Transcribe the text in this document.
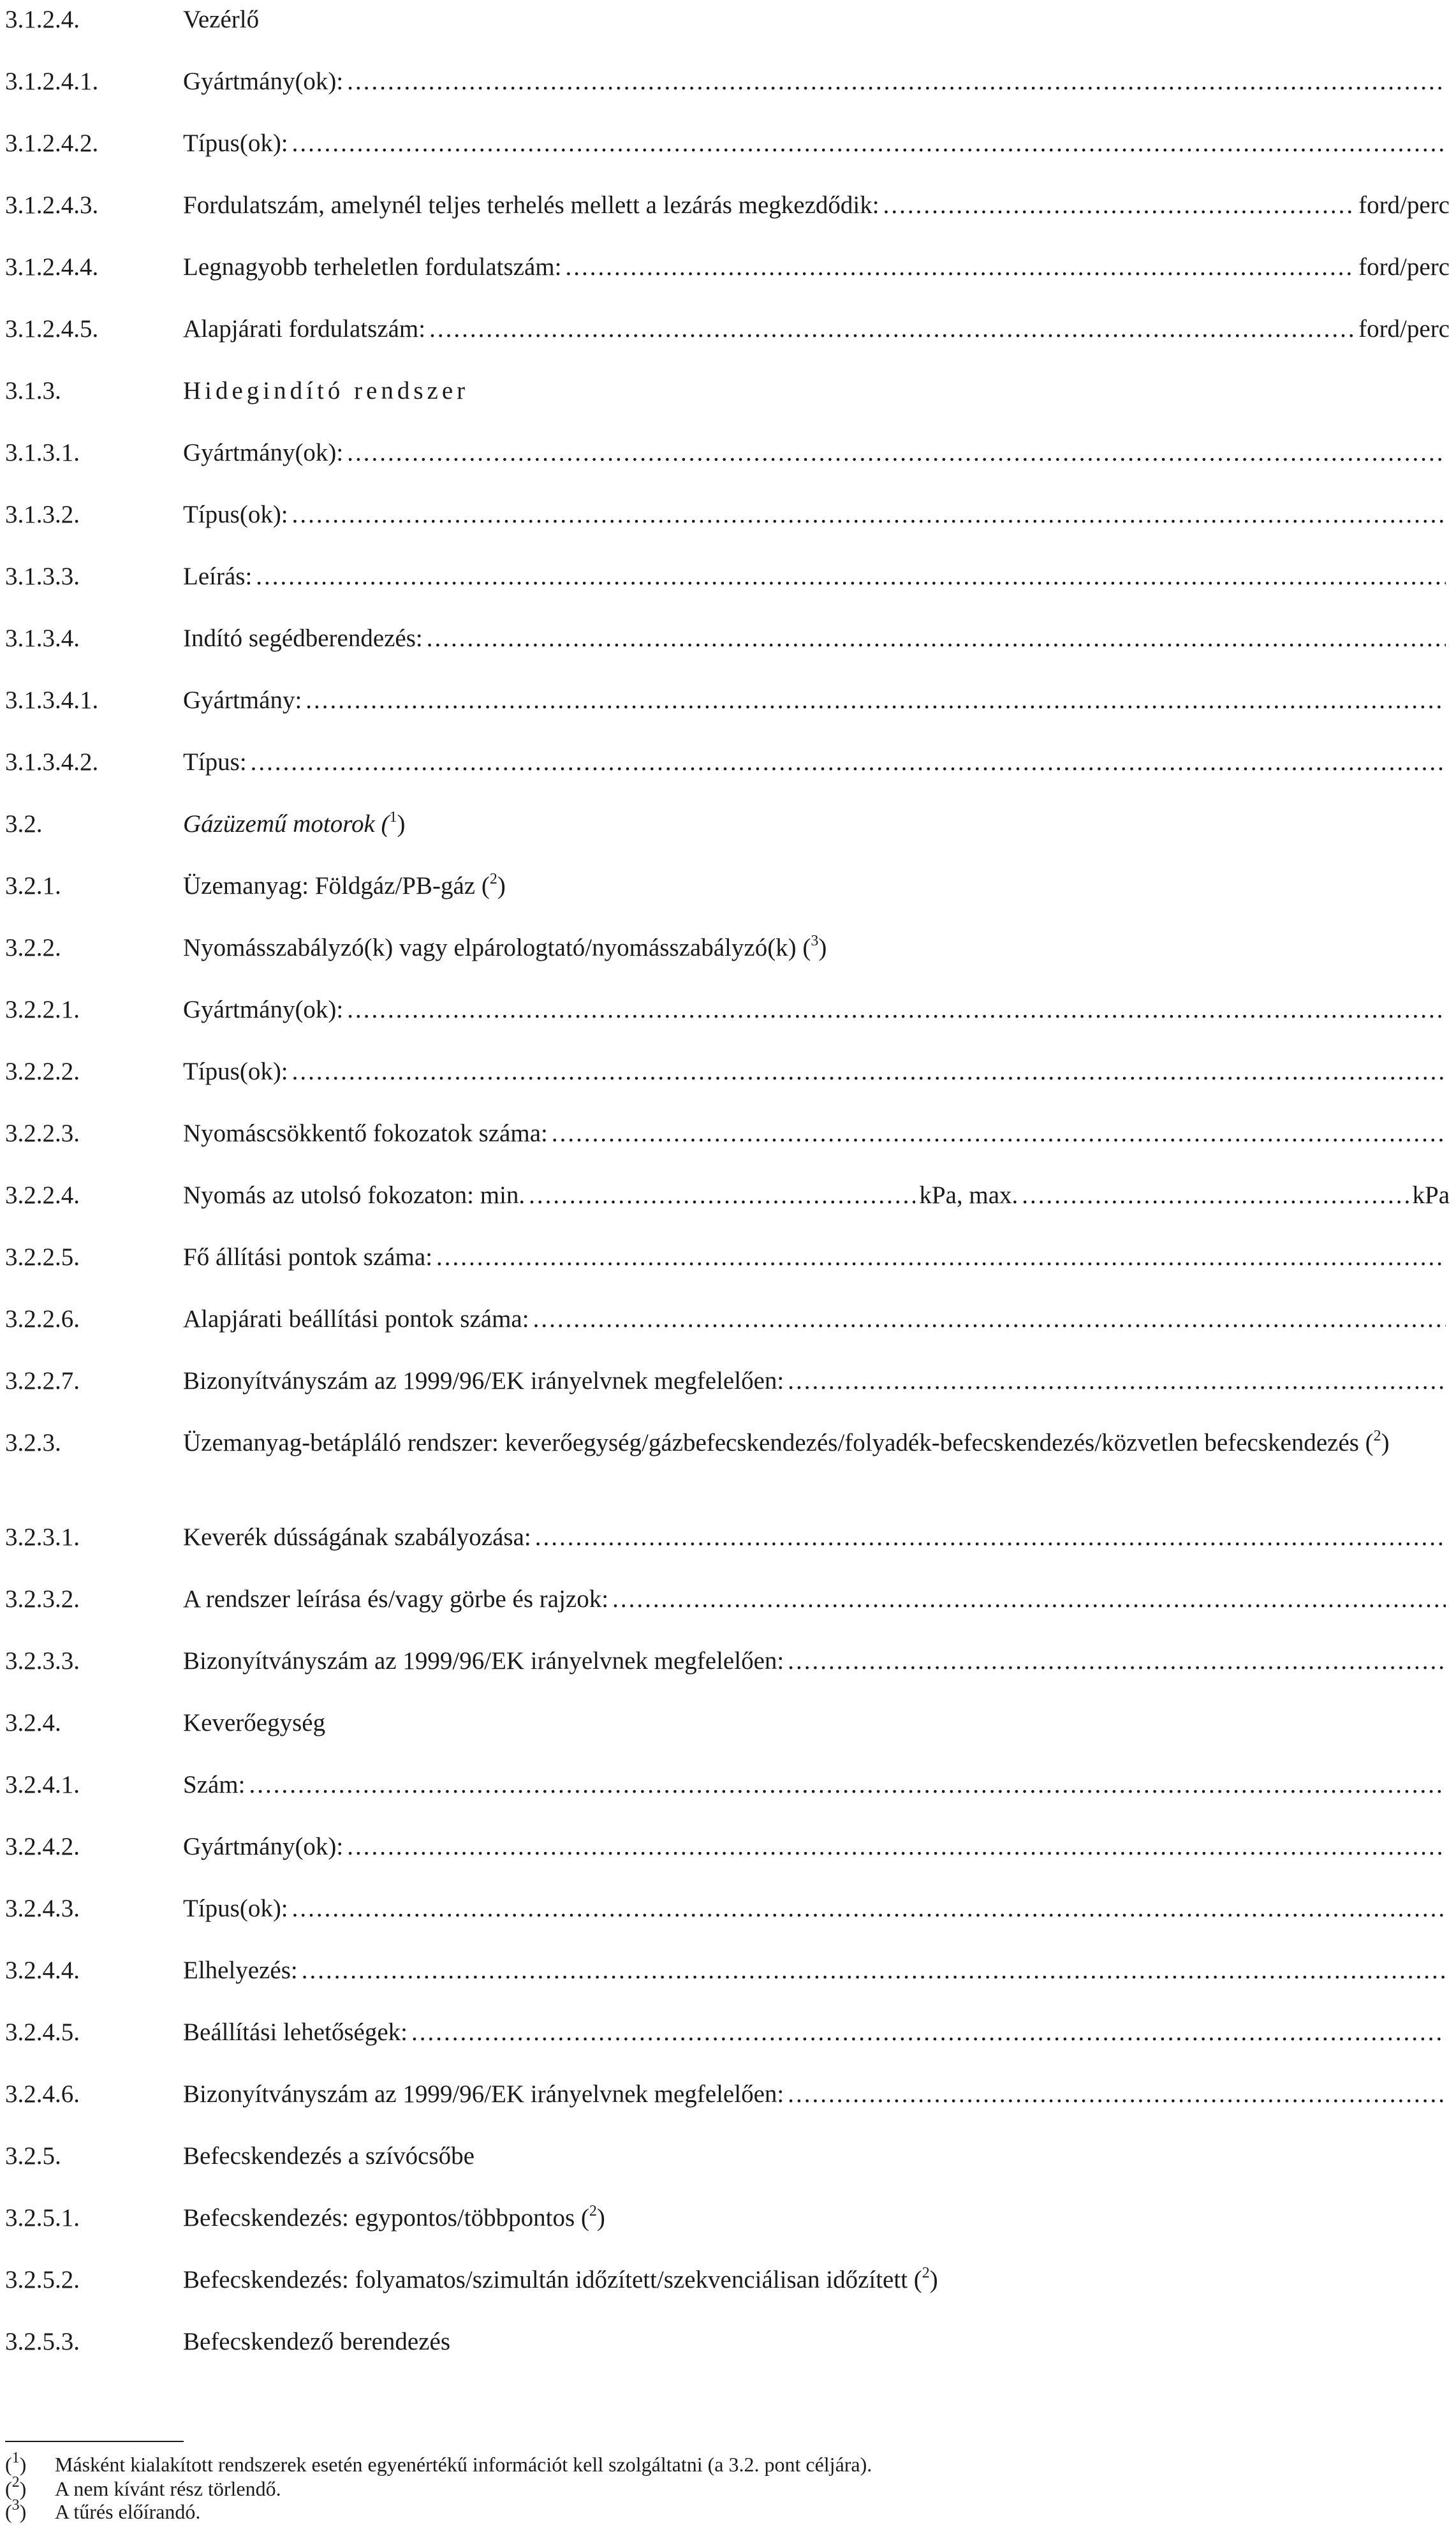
3.1.2.4.	Vezérlő
3.1.2.4.1.	Gyártmány(ok):
.....
3.1.2.4.2.	Típus(ok):
.....
3.1.2.4.3.	Fordulatszám, amelynél teljes terhelés mellett a lezárás megkezdődik: .....	ford/perc
3.1.2.4.4.	Legnagyobb terheletlen fordulatszám: .....	ford/perc
3.1.2.4.5.	Alapjárati fordulatszám: .....	ford/perc
3.1.3.	Hidegindító rendszer
3.1.3.1.	Gyártmány(ok):
.....
3.1.3.2.	Típus(ok):
.....
3.1.3.3.	Leírás:
.....
3.1.3.4.	Indító segédberendezés:
.....
3.1.3.4.1.	Gyártmány:
.....
3.1.3.4.2.	Típus:
.....
3.2.	Gázüzemű motorok ($^1$)
3.2.1.	Üzemanyag: Földgáz/PB-gáz ($^2$)
3.2.2.	Nyomásszabályzó(k) vagy elpárologtató/nyomásszabályzó(k) ($^3$)
3.2.2.1.	Gyártmány(ok):
.....
3.2.2.2.	Típus(ok):
.....
3.2.2.3.	Nyomáscsökkentő fokozatok száma:
.....
3.2.2.4.	Nyomás az utolsó fokozaton: min. .....	kPa, max. .....	kPa
3.2.2.5.	Fő állítási pontok száma:
.....
3.2.2.6.	Alapjárati beállítási pontok száma:
.....
3.2.2.7.	Bizonyítványszám az 1999/96/EK irányelvnek megfelelően:
.....
3.2.3.	Üzemanyag-betápláló rendszer: keverőegység/gázbefecskendezés/folyadék-befecskendezés/közvetlen befecskendezés ($^2$)
3.2.3.1.	Keverék dússágának szabályozása:
.....
3.2.3.2.	A rendszer leírása és/vagy görbe és rajzok:
.....
3.2.3.3.	Bizonyítványszám az 1999/96/EK irányelvnek megfelelően:
.....
3.2.4.	Keverőegység
3.2.4.1.	Szám:
.....
3.2.4.2.	Gyártmány(ok):
.....
3.2.4.3.	Típus(ok):
.....
3.2.4.4.	Elhelyezés:
.....
3.2.4.5.	Beállítási lehetőségek:
.....
3.2.4.6.	Bizonyítványszám az 1999/96/EK irányelvnek megfelelően:
.....
3.2.5.	Befecskendezés a szívócsőbe
3.2.5.1.	Befecskendezés: egypontos/többpontos ($^2$)
3.2.5.2.	Befecskendezés: folyamatos/szimultán időzített/szekvenciálisan időzített ($^2$)
3.2.5.3.	Befecskendező berendezés
($^1$) Másként kialakított rendszerek esetén egyenértékű információt kell szolgáltatni (a 3.2. pont céljára).
($^2$) A nem kívánt rész törlendő.
($^3$) A tűrés előírandó.
